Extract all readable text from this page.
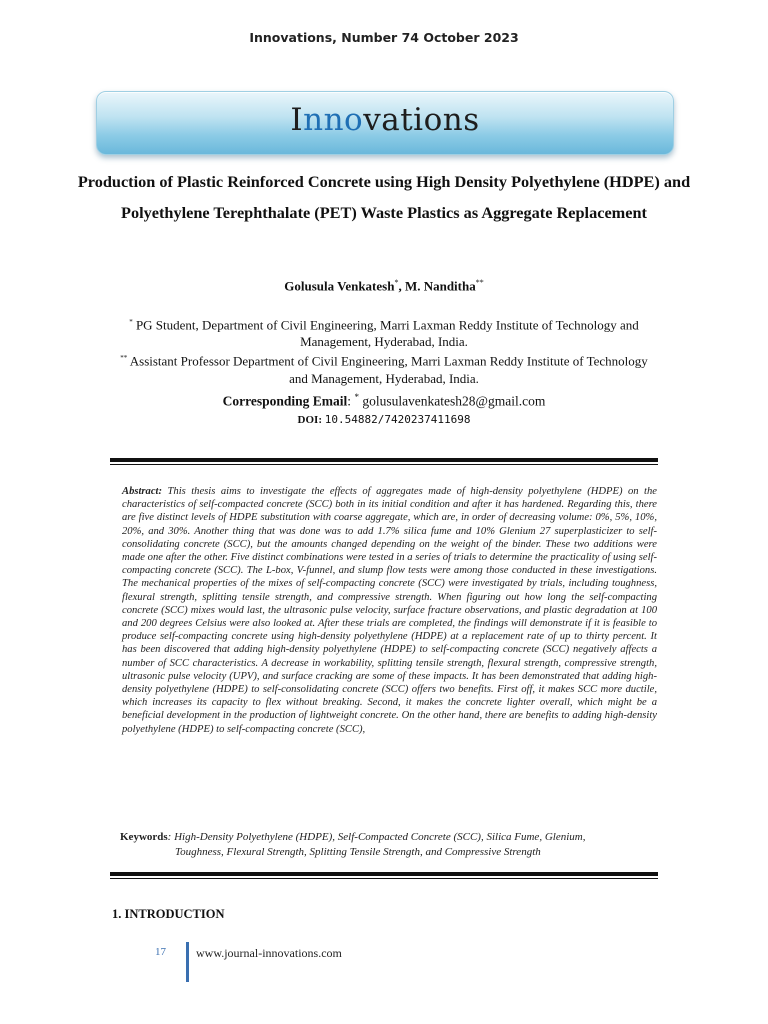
Innovations, Number 74 October 2023
Innovations
Production of Plastic Reinforced Concrete using High Density Polyethylene (HDPE) and Polyethylene Terephthalate (PET) Waste Plastics as Aggregate Replacement
Golusula Venkatesh*, M. Nanditha**
* PG Student, Department of Civil Engineering, Marri Laxman Reddy Institute of Technology and Management, Hyderabad, India.
** Assistant Professor Department of Civil Engineering, Marri Laxman Reddy Institute of Technology and Management, Hyderabad, India.
Corresponding Email: * golusulavenkatesh28@gmail.com
DOI: 10.54882/7420237411698
Abstract: This thesis aims to investigate the effects of aggregates made of high-density polyethylene (HDPE) on the characteristics of self-compacted concrete (SCC) both in its initial condition and after it has hardened. Regarding this, there are five distinct levels of HDPE substitution with coarse aggregate, which are, in order of decreasing volume: 0%, 5%, 10%, 20%, and 30%. Another thing that was done was to add 1.7% silica fume and 10% Glenium 27 superplasticizer to self-consolidating concrete (SCC), but the amounts changed depending on the weight of the binder. These two additions were made one after the other. Five distinct combinations were tested in a series of trials to determine the practicality of using self-compacting concrete (SCC). The L-box, V-funnel, and slump flow tests were among those conducted in these investigations. The mechanical properties of the mixes of self-compacting concrete (SCC) were investigated by trials, including toughness, flexural strength, splitting tensile strength, and compressive strength. When figuring out how long the self-compacting concrete (SCC) mixes would last, the ultrasonic pulse velocity, surface fracture observations, and plastic degradation at 100 and 200 degrees Celsius were also looked at. After these trials are completed, the findings will demonstrate if it is feasible to produce self-compacting concrete using high-density polyethylene (HDPE) at a replacement rate of up to thirty percent. It has been discovered that adding high-density polyethylene (HDPE) to self-compacting concrete (SCC) negatively affects a number of SCC characteristics. A decrease in workability, splitting tensile strength, flexural strength, compressive strength, ultrasonic pulse velocity (UPV), and surface cracking are some of these impacts. It has been demonstrated that adding high-density polyethylene (HDPE) to self-consolidating concrete (SCC) offers two benefits. First off, it makes SCC more ductile, which increases its capacity to flex without breaking. Second, it makes the concrete lighter overall, which might be a beneficial development in the production of lightweight concrete. On the other hand, there are benefits to adding high-density polyethylene (HDPE) to self-compacting concrete (SCC),
Keywords: High-Density Polyethylene (HDPE), Self-Compacted Concrete (SCC), Silica Fume, Glenium,
Toughness, Flexural Strength, Splitting Tensile Strength, and Compressive Strength
1. INTRODUCTION
17	www.journal-innovations.com
